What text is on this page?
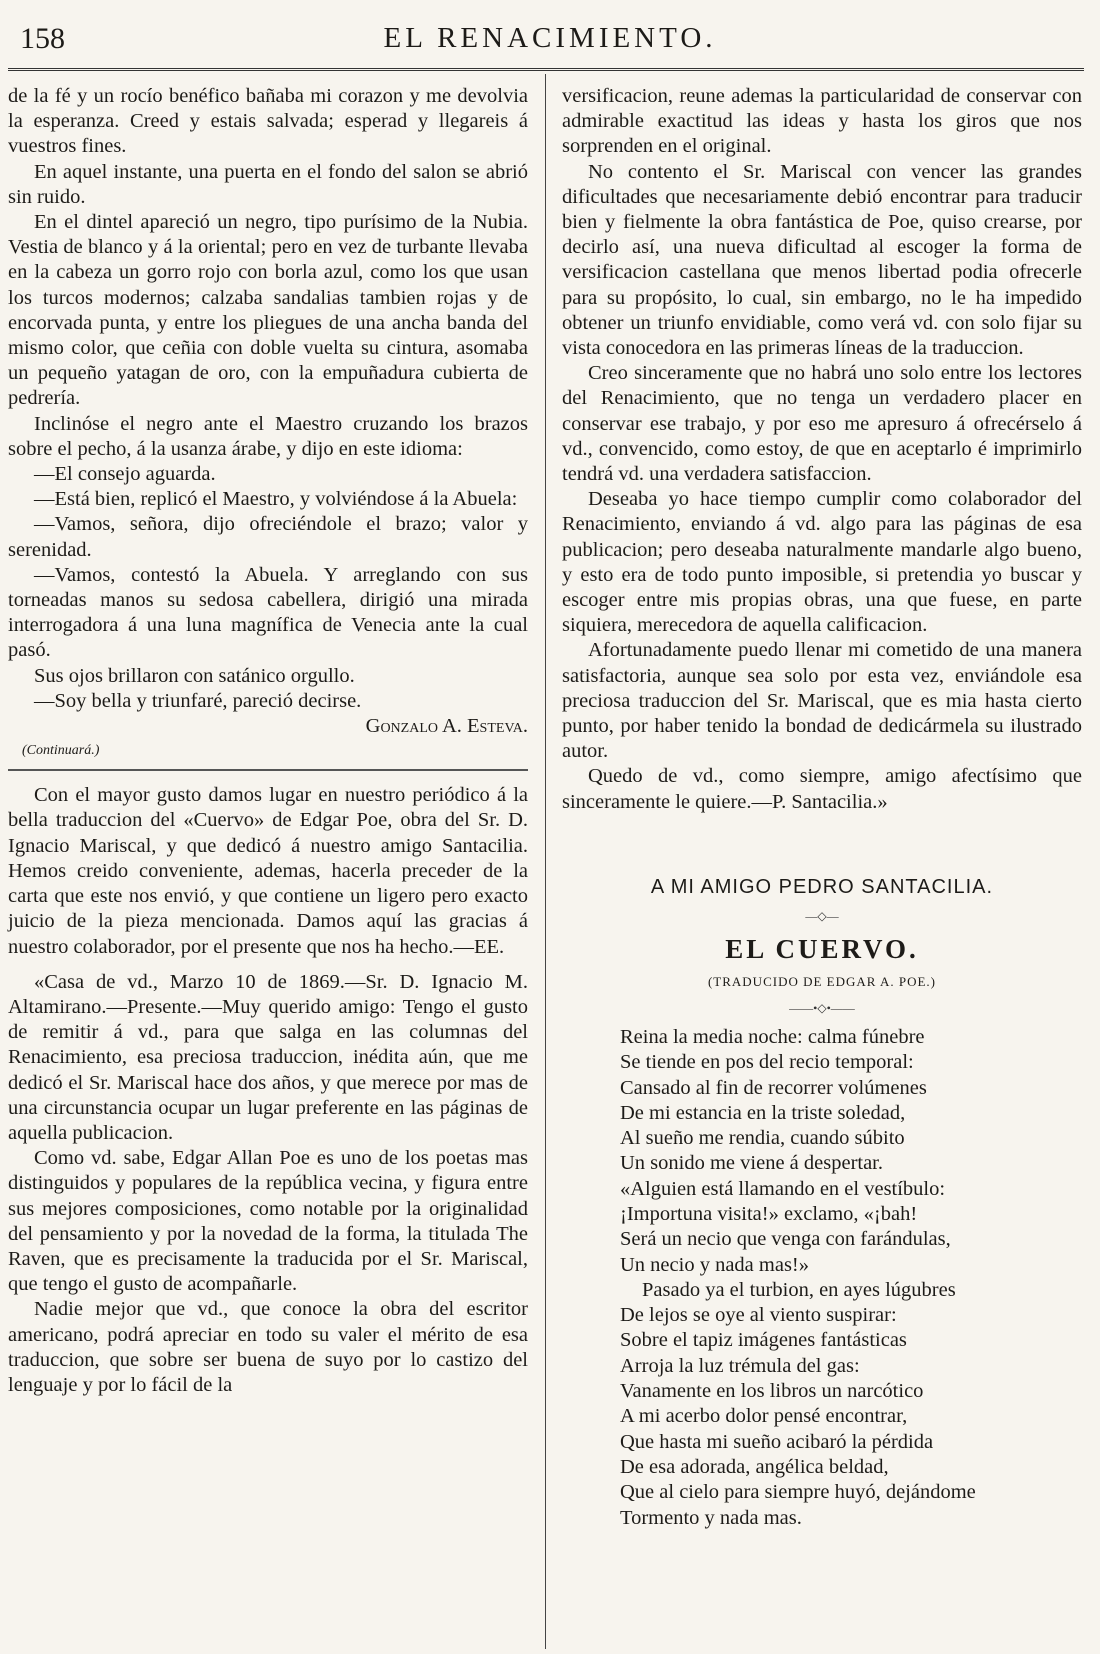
158	EL RENACIMIENTO.

de la fé y un rocío benéfico bañaba mi corazon y me devolvia la esperanza. Creed y estais salvada; esperad y llegareis á vuestros fines.

En aquel instante, una puerta en el fondo del salon se abrió sin ruido.

En el dintel apareció un negro, tipo purísimo de la Nubia. Vestia de blanco y á la oriental; pero en vez de turbante llevaba en la cabeza un gorro rojo con borla azul, como los que usan los turcos modernos; calzaba sandalias tambien rojas y de encorvada punta, y entre los pliegues de una ancha banda del mismo color, que ceñia con doble vuelta su cintura, asomaba un pequeño yatagan de oro, con la empuñadura cubierta de pedrería.

Inclinóse el negro ante el Maestro cruzando los brazos sobre el pecho, á la usanza árabe, y dijo en este idioma:

—El consejo aguarda.

—Está bien, replicó el Maestro, y volviéndose á la Abuela:

—Vamos, señora, dijo ofreciéndole el brazo; valor y serenidad.

—Vamos, contestó la Abuela. Y arreglando con sus torneadas manos su sedosa cabellera, dirigió una mirada interrogadora á una luna magnífica de Venecia ante la cual pasó.

Sus ojos brillaron con satánico orgullo.

—Soy bella y triunfaré, pareció decirse.

Gonzalo A. Esteva.

(Continuará.)

Con el mayor gusto damos lugar en nuestro periódico á la bella traduccion del «Cuervo» de Edgar Poe, obra del Sr. D. Ignacio Mariscal, y que dedicó á nuestro amigo Santacilia. Hemos creido conveniente, ademas, hacerla preceder de la carta que este nos envió, y que contiene un ligero pero exacto juicio de la pieza mencionada. Damos aquí las gracias á nuestro colaborador, por el presente que nos ha hecho.—EE.

«Casa de vd., Marzo 10 de 1869.—Sr. D. Ignacio M. Altamirano.—Presente.—Muy querido amigo: Tengo el gusto de remitir á vd., para que salga en las columnas del Renacimiento, esa preciosa traduccion, inédita aún, que me dedicó el Sr. Mariscal hace dos años, y que merece por mas de una circunstancia ocupar un lugar preferente en las páginas de aquella publicacion.

Como vd. sabe, Edgar Allan Poe es uno de los poetas mas distinguidos y populares de la república vecina, y figura entre sus mejores composiciones, como notable por la originalidad del pensamiento y por la novedad de la forma, la titulada The Raven, que es precisamente la traducida por el Sr. Mariscal, que tengo el gusto de acompañarle.

Nadie mejor que vd., que conoce la obra del escritor americano, podrá apreciar en todo su valer el mérito de esa traduccion, que sobre ser buena de suyo por lo castizo del lenguaje y por lo fácil de la

versificacion, reune ademas la particularidad de conservar con admirable exactitud las ideas y hasta los giros que nos sorprenden en el original.

No contento el Sr. Mariscal con vencer las grandes dificultades que necesariamente debió encontrar para traducir bien y fielmente la obra fantástica de Poe, quiso crearse, por decirlo así, una nueva dificultad al escoger la forma de versificacion castellana que menos libertad podia ofrecerle para su propósito, lo cual, sin embargo, no le ha impedido obtener un triunfo envidiable, como verá vd. con solo fijar su vista conocedora en las primeras líneas de la traduccion.

Creo sinceramente que no habrá uno solo entre los lectores del Renacimiento, que no tenga un verdadero placer en conservar ese trabajo, y por eso me apresuro á ofrecérselo á vd., convencido, como estoy, de que en aceptarlo é imprimirlo tendrá vd. una verdadera satisfaccion.

Deseaba yo hace tiempo cumplir como colaborador del Renacimiento, enviando á vd. algo para las páginas de esa publicacion; pero deseaba naturalmente mandarle algo bueno, y esto era de todo punto imposible, si pretendia yo buscar y escoger entre mis propias obras, una que fuese, en parte siquiera, merecedora de aquella calificacion.

Afortunadamente puedo llenar mi cometido de una manera satisfactoria, aunque sea solo por esta vez, enviándole esa preciosa traduccion del Sr. Mariscal, que es mia hasta cierto punto, por haber tenido la bondad de dedicármela su ilustrado autor.

Quedo de vd., como siempre, amigo afectísimo que sinceramente le quiere.—P. Santacilia.»

A MI AMIGO PEDRO SANTACILIA.
—◇—
EL CUERVO.

(TRADUCIDO DE EDGAR A. POE.)

——•◇•——
Reina la media noche: calma fúnebre
Se tiende en pos del recio temporal:
Cansado al fin de recorrer volúmenes
De mi estancia en la triste soledad,
Al sueño me rendia, cuando súbito
Un sonido me viene á despertar.
«Alguien está llamando en el vestíbulo:
¡Importuna visita!» exclamo, «¡bah!
Será un necio que venga con farándulas,
Un necio y nada mas!»
Pasado ya el turbion, en ayes lúgubres
De lejos se oye al viento suspirar:
Sobre el tapiz imágenes fantásticas
Arroja la luz trémula del gas:
Vanamente en los libros un narcótico
A mi acerbo dolor pensé encontrar,
Que hasta mi sueño acibaró la pérdida
De esa adorada, angélica beldad,
Que al cielo para siempre huyó, dejándome
Tormento y nada mas.
